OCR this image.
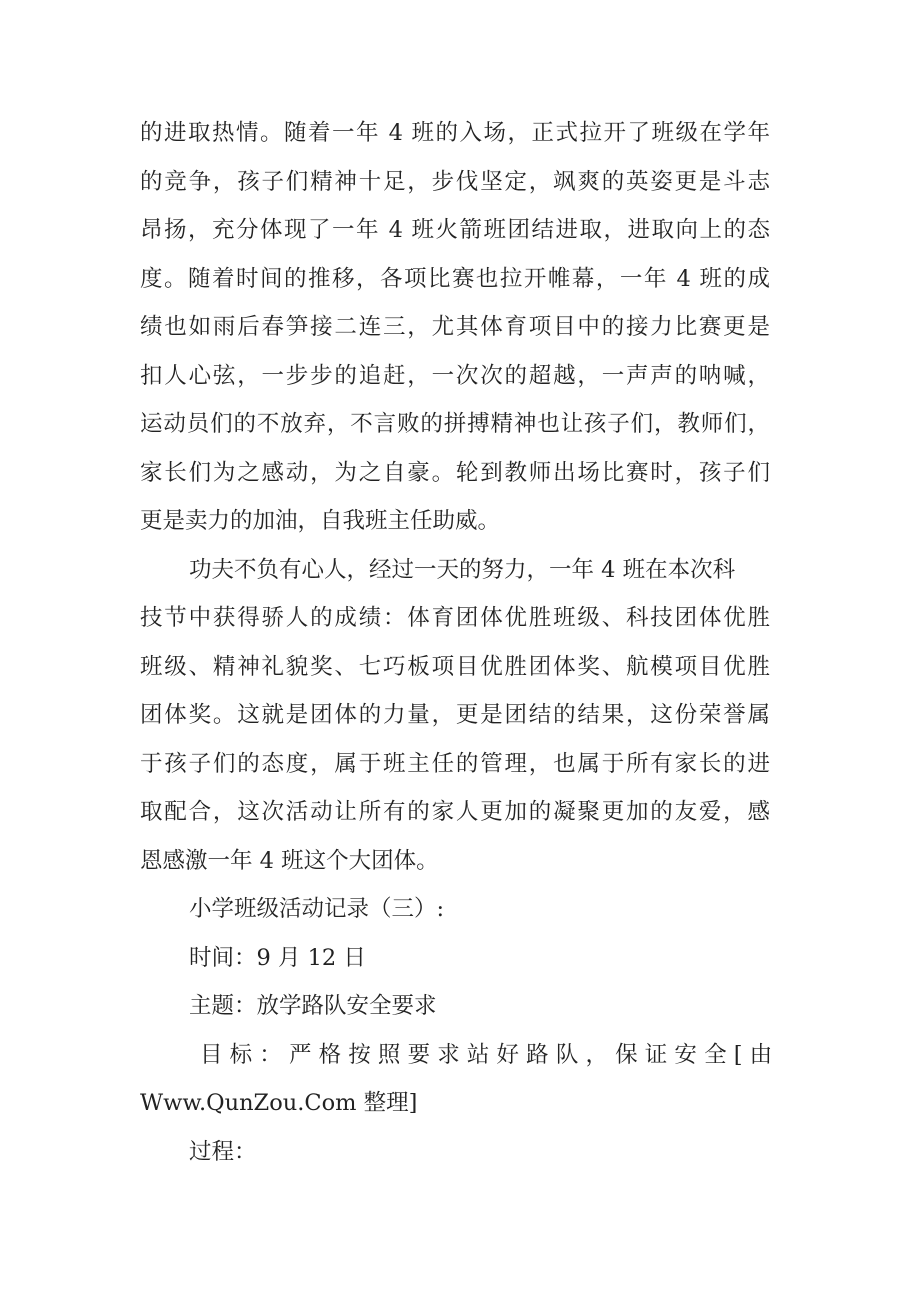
的进取热情。随着一年 4 班的入场，正式拉开了班级在学年
的竞争，孩子们精神十足，步伐坚定，飒爽的英姿更是斗志
昂扬，充分体现了一年 4 班火箭班团结进取，进取向上的态
度。随着时间的推移，各项比赛也拉开帷幕，一年 4 班的成
绩也如雨后春笋接二连三，尤其体育项目中的接力比赛更是
扣人心弦，一步步的追赶，一次次的超越，一声声的呐喊，
运动员们的不放弃，不言败的拼搏精神也让孩子们，教师们，
家长们为之感动，为之自豪。轮到教师出场比赛时，孩子们
更是卖力的加油，自我班主任助威。
功夫不负有心人，经过一天的努力，一年 4 班在本次科
技节中获得骄人的成绩：体育团体优胜班级、科技团体优胜
班级、精神礼貌奖、七巧板项目优胜团体奖、航模项目优胜
团体奖。这就是团体的力量，更是团结的结果，这份荣誉属
于孩子们的态度，属于班主任的管理，也属于所有家长的进
取配合，这次活动让所有的家人更加的凝聚更加的友爱，感
恩感激一年 4 班这个大团体。
小学班级活动记录（三）:
时间：9 月 12 日
主题：放学路队安全要求
目 标 ： 严 格 按 照 要 求 站 好 路 队 ， 保 证 安 全 [ 由
Www.QunZou.Com 整理]
过程：
